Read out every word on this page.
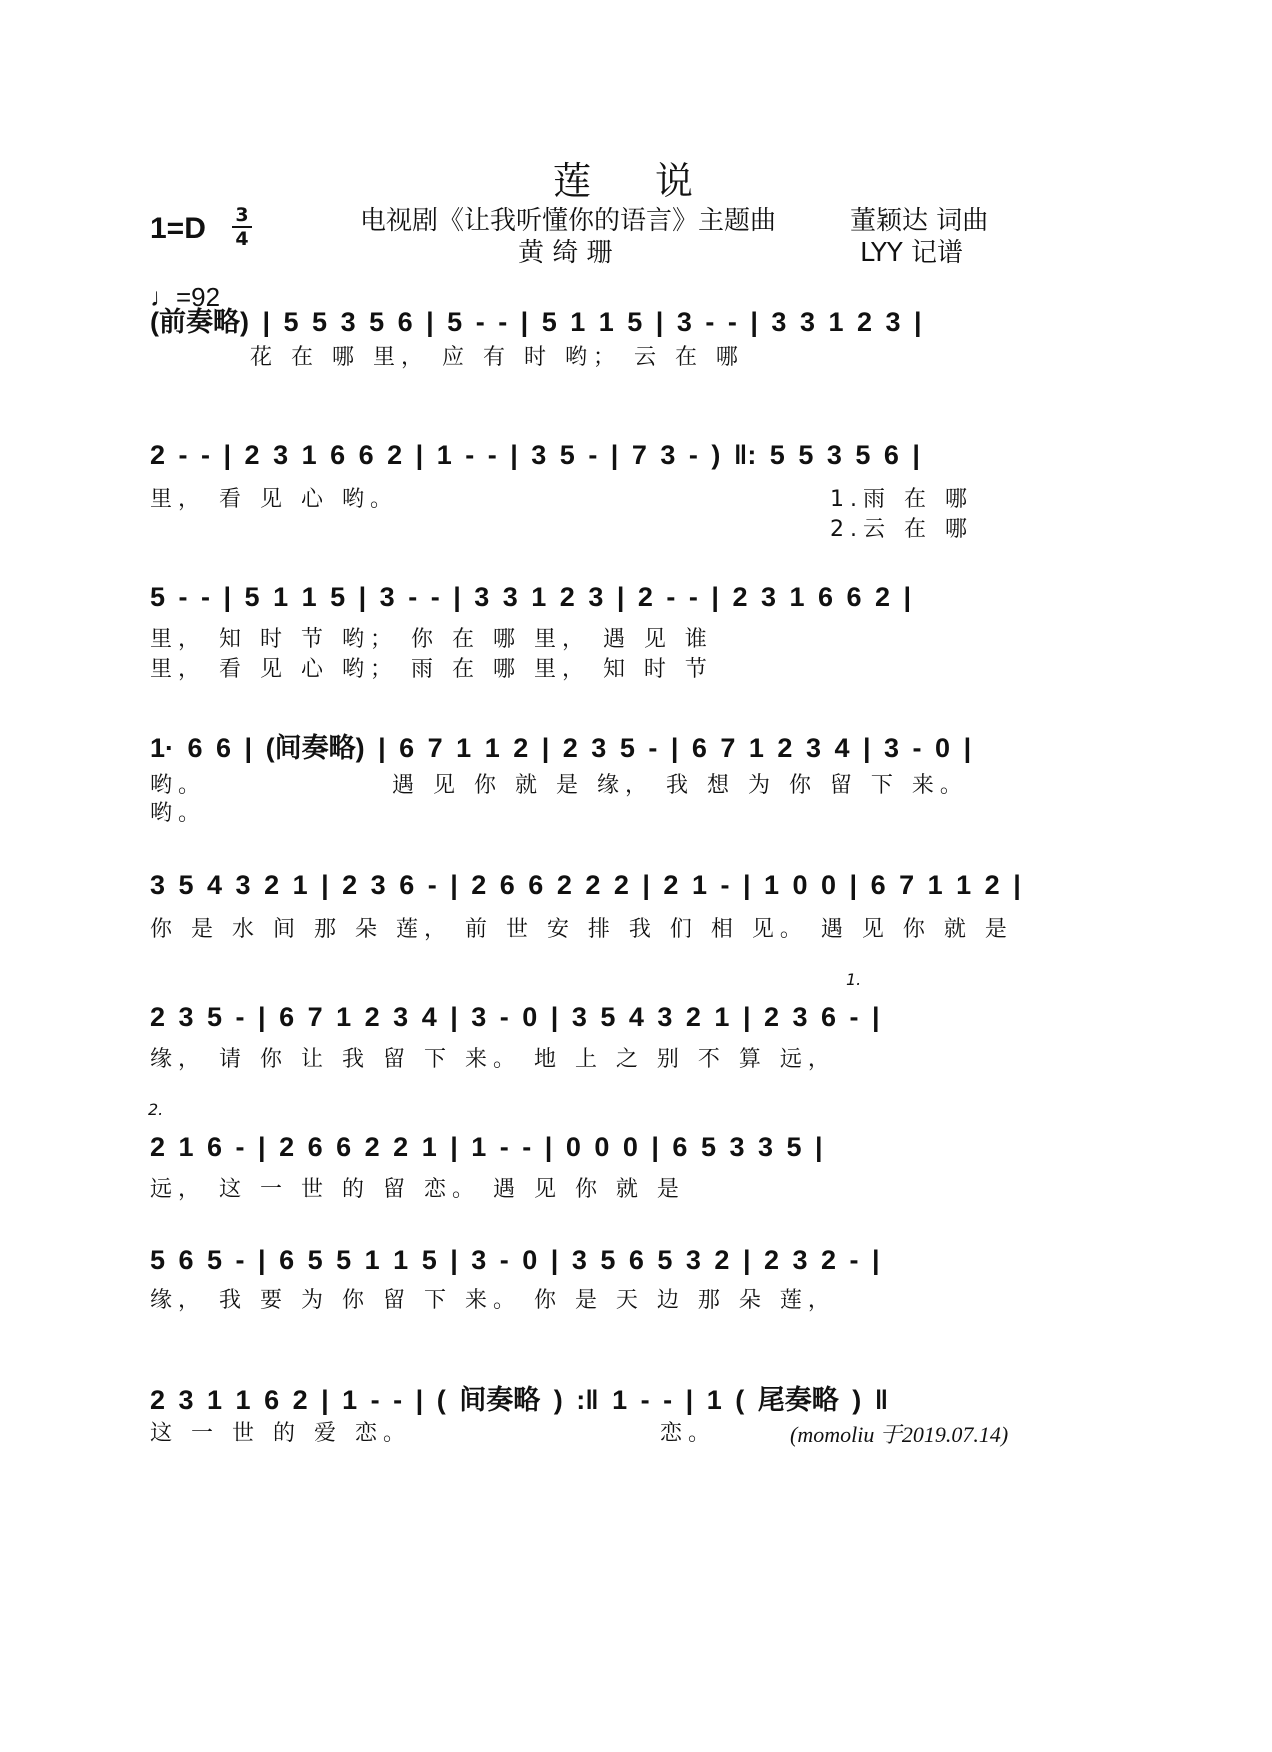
莲 说
1=D 3
4
电视剧《让我听懂你的语言》主题曲
黄 绮 珊
董颖达 词曲
LYY 记谱
♩=92
(前奏略) | 5 5 3 5 6 | 5 - - | 5 1 1 5 | 3 - - | 3 3 1 2 3 |
花 在 哪 里， 应 有 时 哟； 云 在 哪
2 - - | 2 3 1 6 6 2 | 1 - - | 3 5 - | 7 3 - ) ‖: 5 5 3 5 6 |
里， 看 见 心 哟。	1.雨 在 哪
2.云 在 哪
5 - - | 5 1 1 5 | 3 - - | 3 3 1 2 3 | 2 - - | 2 3 1 6 6 2 |
里， 知 时 节 哟； 你 在 哪 里， 遇 见 谁
里， 看 见 心 哟； 雨 在 哪 里， 知 时 节
1· 6 6 | (间奏略) | 6 7 1 1 2 | 2 3 5 - | 6 7 1 2 3 4 | 3 - 0 |
哟。
哟。
遇 见 你 就 是 缘， 我 想 为 你 留 下 来。
3 5 4 3 2 1 | 2 3 6 - | 2 6 6 2 2 2 | 2 1 - | 1 0 0 | 6 7 1 1 2 |
你 是 水 间 那 朵 莲， 前 世 安 排 我 们 相 见。 遇 见 你 就 是
2 3 5 - | 6 7 1 2 3 4 | 3 - 0 | 3 5 4 3 2 1 | 2 3 6 - |
缘， 请 你 让 我 留 下 来。 地 上 之 别 不 算 远，
1.
2 1 6 - | 2 6 6 2 2 1 | 1 - - | 0 0 0 | 6 5 3 3 5 |
远， 这 一 世 的 留 恋。 遇 见 你 就 是
2.
5 6 5 - | 6 5 5 1 1 5 | 3 - 0 | 3 5 6 5 3 2 | 2 3 2 - |
缘， 我 要 为 你 留 下 来。 你 是 天 边 那 朵 莲，
2 3 1 1 6 2 | 1 - - | ( 间奏略 ) :‖ 1 - - | 1 ( 尾奏略 ) ‖
这 一 世 的 爱 恋。	恋。	(momoliu 于2019.07.14)
